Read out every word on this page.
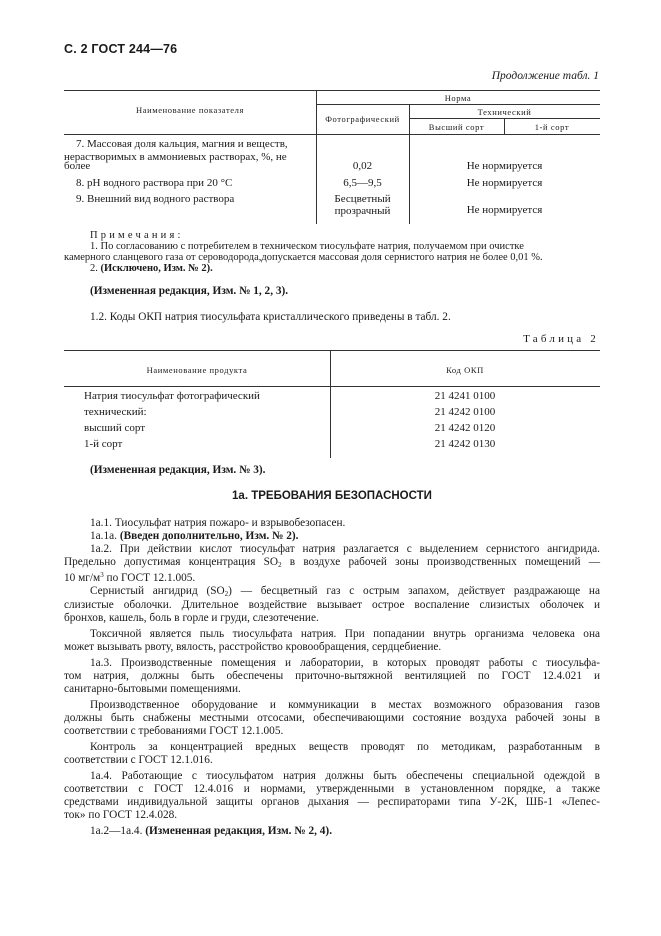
С. 2 ГОСТ 244—76
Продолжение табл. 1
Наименование показателя
Норма
Фотографический
Технический
Высший сорт	1-й сорт
7. Массовая доля кальция, магния и веществ,
нерастворимых в аммониевых растворах, %, не
более	0,02	Не нормируется
8. pH водного раствора при 20 °С	6,5—9,5	Не нормируется
9. Внешний вид водного раствора	Бесцветный
прозрачный	Не нормируется
Примечания:
1. По согласованию с потребителем в техническом тиосульфате натрия, получаемом при очистке
камерного сланцевого газа от сероводорода,допускается массовая доля сернистого натрия не более 0,01 %.
2. (Исключено, Изм. № 2).
(Измененная редакция, Изм. № 1, 2, 3).
1.2. Коды ОКП натрия тиосульфата кристаллического приведены в табл. 2.
Таблица 2
Наименование продукта	Код ОКП
Натрия тиосульфат фотографический	21 4241 0100
технический:	21 4242 0100
высший сорт	21 4242 0120
1-й сорт	21 4242 0130
(Измененная редакция, Изм. № 3).
1а. ТРЕБОВАНИЯ БЕЗОПАСНОСТИ
1а.1. Тиосульфат натрия пожаро- и взрывобезопасен.
1а.1а. (Введен дополнительно, Изм. № 2).
1а.2. При действии кислот тиосульфат натрия разлагается с выделением сернистого ангидрида.
Предельно допустимая концентрация $SO_2$ в воздухе рабочей зоны производственных помещений —
10 $мг/м^3$ по ГОСТ 12.1.005.
Сернистый ангидрид $(SO_2)$ — бесцветный газ с острым запахом, действует раздражающе на
слизистые оболочки. Длительное воздействие вызывает острое воспаление слизистых оболочек и
бронхов, кашель, боль в горле и груди, слезотечение.
Токсичной является пыль тиосульфата натрия. При попадании внутрь организма человека она
может вызывать рвоту, вялость, расстройство кровообращения, сердцебиение.
1а.3. Производственные помещения и лаборатории, в которых проводят работы с тиосульфа-
том натрия, должны быть обеспечены приточно-вытяжной вентиляцией по ГОСТ 12.4.021 и
санитарно-бытовыми помещениями.
Производственное оборудование и коммуникации в местах возможного образования газов
должны быть снабжены местными отсосами, обеспечивающими состояние воздуха рабочей зоны в
соответствии с требованиями ГОСТ 12.1.005.
Контроль за концентрацией вредных веществ проводят по методикам, разработанным в
соответствии с ГОСТ 12.1.016.
1а.4. Работающие с тиосульфатом натрия должны быть обеспечены специальной одеждой в
соответствии с ГОСТ 12.4.016 и нормами, утвержденными в установленном порядке, а также
средствами индивидуальной защиты органов дыхания — респираторами типа У-2К, ШБ-1 «Лепес-
ток» по ГОСТ 12.4.028.
1а.2—1а.4. (Измененная редакция, Изм. № 2, 4).
